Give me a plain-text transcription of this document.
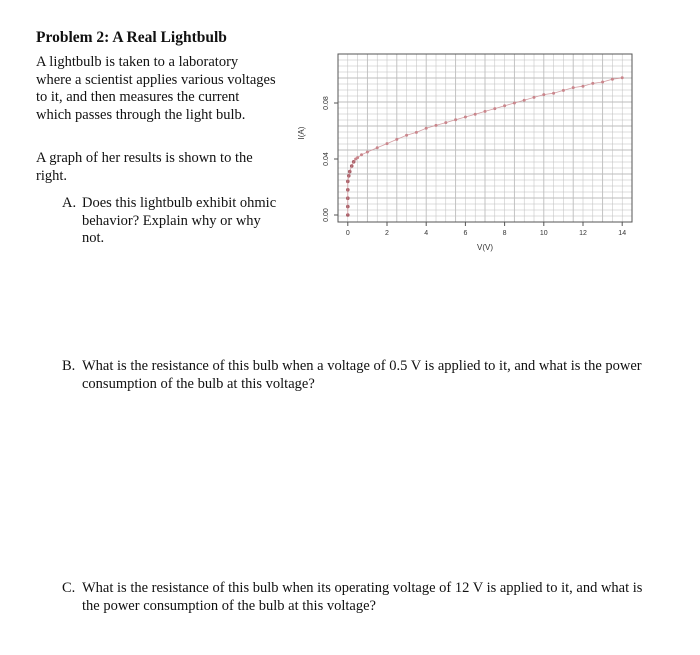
Problem 2: A Real Lightbulb
A lightbulb is taken to a laboratory where a scientist applies various voltages to it, and then measures the current which passes through the light bulb.
A graph of her results is shown to the right.
A. Does this lightbulb exhibit ohmic behavior? Explain why or why not.	0	2	4	6	8	10	12	14
0.00
0.04
0.08
I(A)
V(V)
B. What is the resistance of this bulb when a voltage of 0.5 V is applied to it, and what is the power consumption of the bulb at this voltage?
C. What is the resistance of this bulb when its operating voltage of 12 V is applied to it, and what is the power consumption of the bulb at this voltage?
